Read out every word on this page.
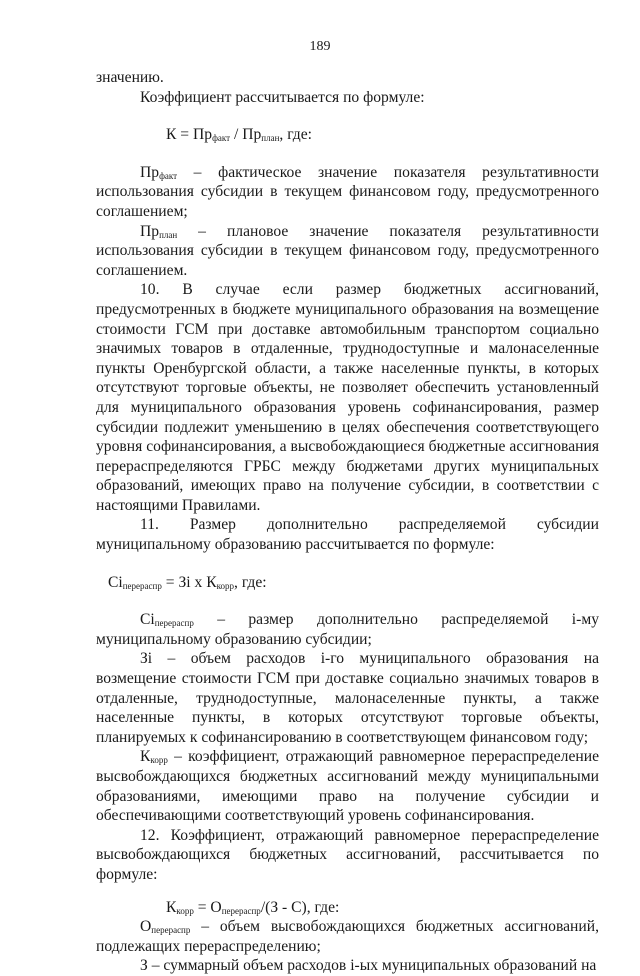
189

значению.

Коэффициент рассчитывается по формуле:

$К = Пр_{факт} / Пр_{план}$, где:

$Пр_{факт}$ – фактическое значение показателя результативности использования субсидии в текущем финансовом году, предусмотренного соглашением;

$Пр_{план}$ – плановое значение показателя результативности использования субсидии в текущем финансовом году, предусмотренного соглашением.

10. В случае если размер бюджетных ассигнований, предусмотренных в бюджете муниципального образования на возмещение стоимости ГСМ при доставке автомобильным транспортом социально значимых товаров в отдаленные, труднодоступные и малонаселенные пункты Оренбургской области, а также населенные пункты, в которых отсутствуют торговые объекты, не позволяет обеспечить установленный для муниципального образования уровень софинансирования, размер субсидии подлежит уменьшению в целях обеспечения соответствующего уровня софинансирования, а высвобождающиеся бюджетные ассигнования перераспределяются ГРБС между бюджетами других муниципальных образований, имеющих право на получение субсидии, в соответствии с настоящими Правилами.

11. Размер дополнительно распределяемой субсидии муниципальному образованию рассчитывается по формуле:

$Сi_{перераспр}$ = Зi х $К_{корр}$, где:

$Сi_{перераспр}$ – размер дополнительно распределяемой i-му муниципальному образованию субсидии;

Зi – объем расходов i-го муниципального образования на возмещение стоимости ГСМ при доставке социально значимых товаров в отдаленные, труднодоступные, малонаселенные пункты, а также населенные пункты, в которых отсутствуют торговые объекты, планируемых к софинансированию в соответствующем финансовом году;

$К_{корр}$ – коэффициент, отражающий равномерное перераспределение высвобождающихся бюджетных ассигнований между муниципальными образованиями, имеющими право на получение субсидии и обеспечивающими соответствующий уровень софинансирования.

12. Коэффициент, отражающий равномерное перераспределение высвобождающихся бюджетных ассигнований, рассчитывается по формуле:

$К_{корр} = О_{перераспр}/(З - С)$, где:

$О_{перераспр}$ – объем высвобождающихся бюджетных ассигнований, подлежащих перераспределению;

З – суммарный объем расходов i-ых муниципальных образований на
